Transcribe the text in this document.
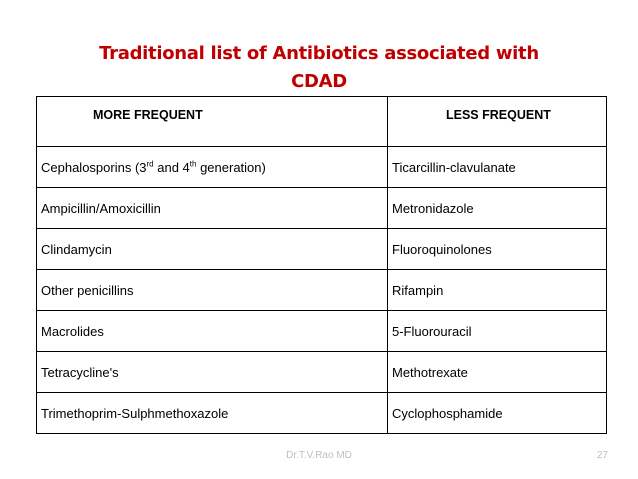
Traditional list of Antibiotics associated with
CDAD
MORE FREQUENT	LESS FREQUENT
Cephalosporins (3rd and 4th generation)	Ticarcillin-clavulanate
Ampicillin/Amoxicillin	Metronidazole
Clindamycin	Fluoroquinolones
Other penicillins	Rifampin
Macrolides	5-Fluorouracil
Tetracycline's	Methotrexate
Trimethoprim-Sulphmethoxazole	Cyclophosphamide
Dr.T.V.Rao MD	27
